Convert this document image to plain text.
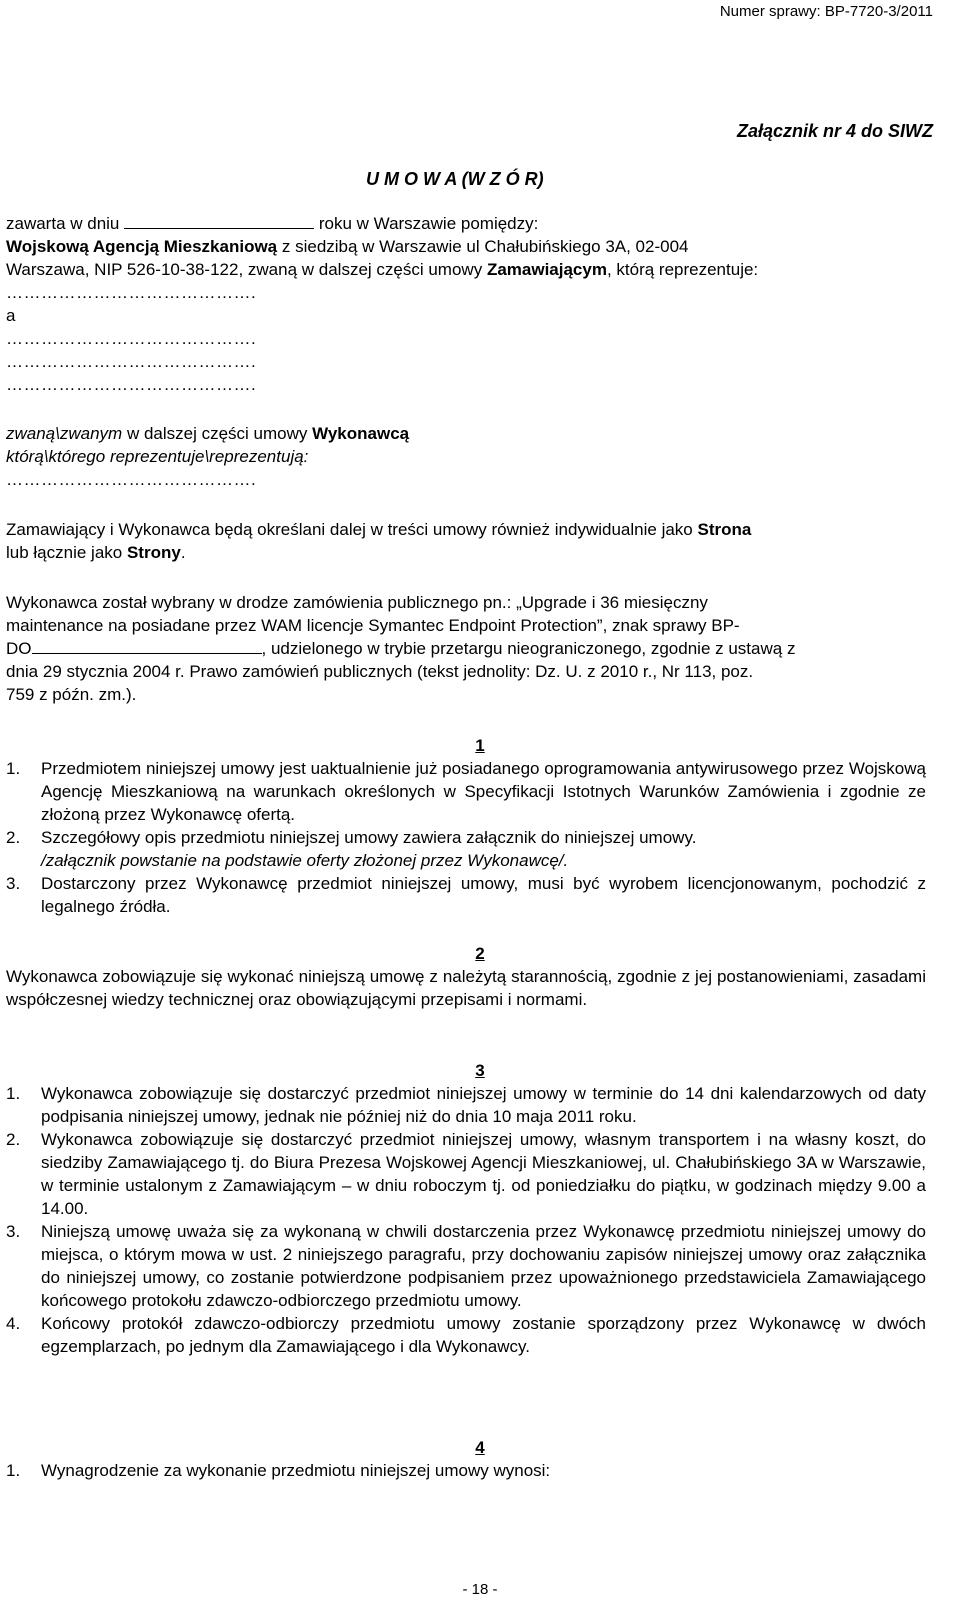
Numer sprawy: BP-7720-3/2011
Załącznik nr 4 do SIWZ
U M O W A (W Z Ó R)
zawarta w dniu	roku w Warszawie pomiędzy:
Wojskową Agencją Mieszkaniową z siedzibą w Warszawie ul Chałubińskiego 3A, 02-004
Warszawa, NIP 526-10-38-122, zwaną w dalszej części umowy Zamawiającym, którą reprezentuje:
…………………………………….
a
…………………………………….
…………………………………….
…………………………………….
zwaną\zwanym w dalszej części umowy Wykonawcą
którą\którego reprezentuje\reprezentują:
…………………………………….
Zamawiający i Wykonawca będą określani dalej w treści umowy również indywidualnie jako Strona
lub łącznie jako Strony.
Wykonawca został wybrany w drodze zamówienia publicznego pn.: „Upgrade i 36 miesięczny
maintenance na posiadane przez WAM licencje Symantec Endpoint Protection”, znak sprawy BP-
DO	, udzielonego w trybie przetargu nieograniczonego, zgodnie z ustawą z
dnia 29 stycznia 2004 r. Prawo zamówień publicznych (tekst jednolity: Dz. U. z 2010 r., Nr 113, poz.
759 z późn. zm.).
1
1. Przedmiotem niniejszej umowy jest uaktualnienie już posiadanego oprogramowania antywirusowego przez Wojskową Agencję Mieszkaniową na warunkach określonych w Specyfikacji Istotnych Warunków Zamówienia i zgodnie ze złożoną przez Wykonawcę ofertą.
2. Szczegółowy opis przedmiotu niniejszej umowy zawiera załącznik do niniejszej umowy.
/załącznik powstanie na podstawie oferty złożonej przez Wykonawcę/.
3. Dostarczony przez Wykonawcę przedmiot niniejszej umowy, musi być wyrobem licencjonowanym, pochodzić z legalnego źródła.
2
Wykonawca zobowiązuje się wykonać niniejszą umowę z należytą starannością, zgodnie z jej postanowieniami, zasadami współczesnej wiedzy technicznej oraz obowiązującymi przepisami i normami.
3
1. Wykonawca zobowiązuje się dostarczyć przedmiot niniejszej umowy w terminie do 14 dni kalendarzowych od daty podpisania niniejszej umowy, jednak nie później niż do dnia 10 maja 2011 roku.
2. Wykonawca zobowiązuje się dostarczyć przedmiot niniejszej umowy, własnym transportem i na własny koszt, do siedziby Zamawiającego tj. do Biura Prezesa Wojskowej Agencji Mieszkaniowej, ul. Chałubińskiego 3A w Warszawie, w terminie ustalonym z Zamawiającym – w dniu roboczym tj. od poniedziałku do piątku, w godzinach między 9.00 a 14.00.
3. Niniejszą umowę uważa się za wykonaną w chwili dostarczenia przez Wykonawcę przedmiotu niniejszej umowy do miejsca, o którym mowa w ust. 2 niniejszego paragrafu, przy dochowaniu zapisów niniejszej umowy oraz załącznika do niniejszej umowy, co zostanie potwierdzone podpisaniem przez upoważnionego przedstawiciela Zamawiającego końcowego protokołu zdawczo-odbiorczego przedmiotu umowy.
4. Końcowy protokół zdawczo-odbiorczy przedmiotu umowy zostanie sporządzony przez Wykonawcę w dwóch egzemplarzach, po jednym dla Zamawiającego i dla Wykonawcy.
4
1. Wynagrodzenie za wykonanie przedmiotu niniejszej umowy wynosi:
- 18 -
